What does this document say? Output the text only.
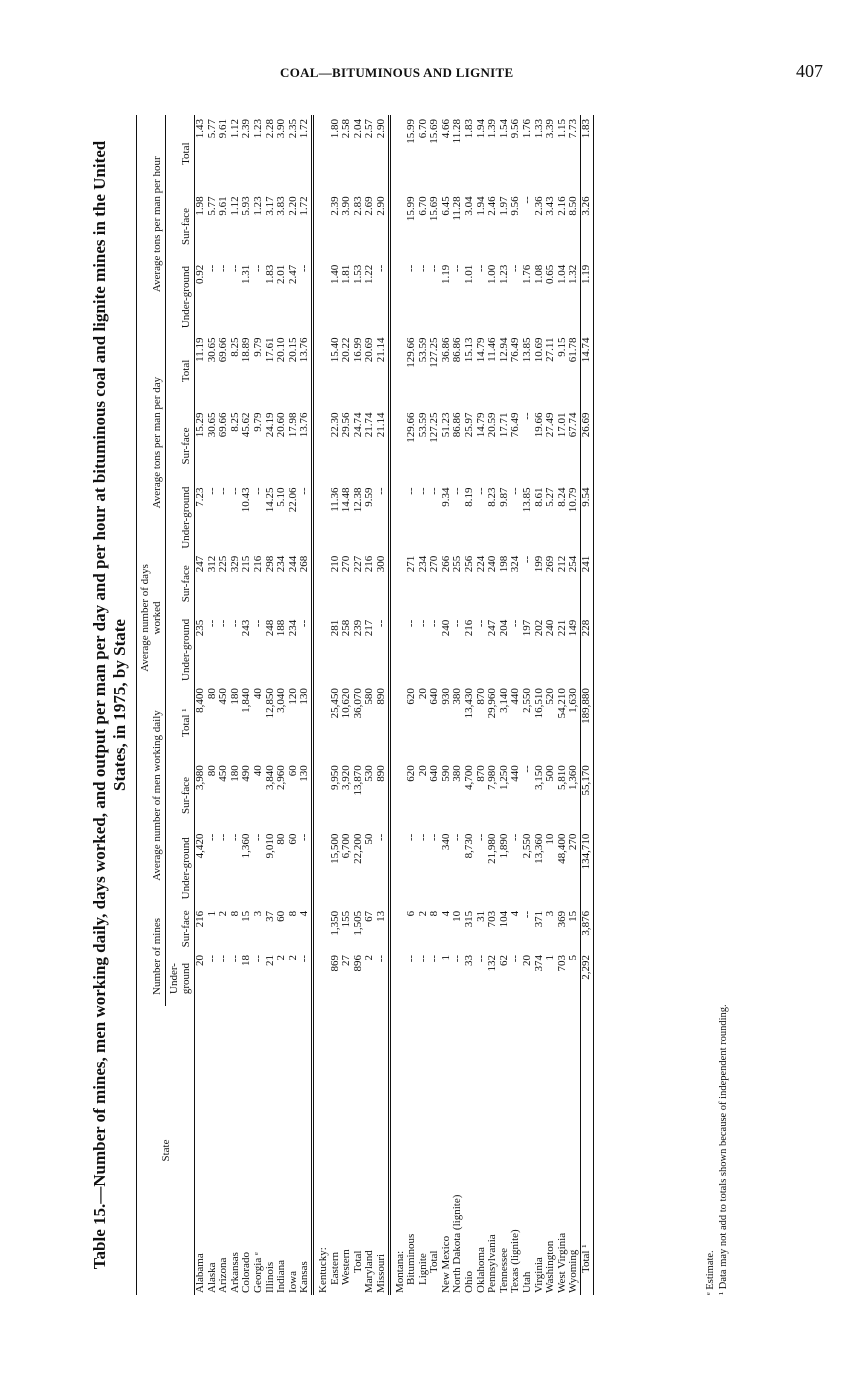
COAL—BITUMINOUS AND LIGNITE	407
Table 15.—Number of mines, men working daily, days worked, and output per man per day and per hour at bituminous coal and lignite mines in the United States, in 1975, by State
State	Number of mines		Average number of men working daily			Average number of days worked		Average tons per man per day			Average tons per man per hour		
	Under-ground	Sur-face	Under-ground	Sur-face	Total ¹	Under-ground	Sur-face	Under-ground	Sur-face	Total	Under-ground	Sur-face	Total
Alabama	20	216	4,420	3,980	8,400	235	247	7.23	15.29	11.19	0.92	1.98	1.43
Alaska	--	1	--	80	80	--	312	--	30.65	30.65	--	5.77	5.77
Arizona	--	2	--	450	450	--	225	--	69.66	69.66	--	9.61	9.61
Arkansas	--	8	--	180	180	--	329	--	8.25	8.25	--	1.12	1.12
Colorado	18	15	1,360	490	1,840	243	215	10.43	45.62	18.89	1.31	5.93	2.39
Georgia ᵉ	--	3	--	40	40	--	216	--	9.79	9.79	--	1.23	1.23
Illinois	21	37	9,010	3,840	12,850	248	298	14.25	24.19	17.61	1.83	3.17	2.28
Indiana	2	60	80	2,960	3,040	188	234	5.10	20.60	20.10	2.01	3.83	3.90
Iowa	2	8	60	60	120	234	244	22.06	17.98	20.15	2.47	2.20	2.35
Kansas	--	4	--	130	130	--	268	--	13.76	13.76	--	1.72	1.72
Kentucky:													
Eastern	869	1,350	15,500	9,950	25,450	281	210	11.36	22.30	15.40	1.40	2.39	1.80
Western	27	155	6,700	3,920	10,620	258	270	14.48	29.56	20.22	1.81	3.90	2.58
Total	896	1,505	22,200	13,870	36,070	239	227	12.38	24.74	16.99	1.53	2.83	2.04
Maryland	2	67	50	530	580	217	216	9.59	21.74	20.69	1.22	2.69	2.57
Missouri	--	13	--	890	890	--	300	--	21.14	21.14	--	2.90	2.90
Montana:													
Bituminous	--	6	--	620	620	--	271	--	129.66	129.66	--	15.99	15.99
Lignite	--	2	--	20	20	--	234	--	53.59	53.59	--	6.70	6.70
Total	--	8	--	640	640	--	270	--	127.25	127.25	--	15.69	15.69
New Mexico	1	4	340	590	930	240	266	9.34	51.23	36.86	1.19	6.45	4.66
North Dakota (lignite)	--	10	--	380	380	--	255	--	86.86	86.86	--	11.28	11.28
Ohio	33	315	8,730	4,700	13,430	216	256	8.19	25.97	15.13	1.01	3.04	1.83
Oklahoma	--	31	--	870	870	--	224	--	14.79	14.79	--	1.94	1.94
Pennsylvania	132	703	21,980	7,980	29,960	247	240	8.23	20.59	11.46	1.00	2.46	1.39
Tennessee	62	104	1,890	1,250	3,140	204	198	9.87	17.71	12.94	1.23	1.97	1.54
Texas (lignite)	--	4	--	440	440	--	324	--	76.49	76.49	--	9.56	9.56
Utah	20	--	2,550	--	2,550	197	--	13.85	--	13.85	1.76	--	1.76
Virginia	374	371	13,360	3,150	16,510	202	199	8.61	19.66	10.69	1.08	2.36	1.33
Washington	1	3	10	500	520	240	269	5.27	27.49	27.11	0.65	3.43	3.39
West Virginia	703	369	48,400	5,810	54,210	221	212	8.24	17.01	9.15	1.04	2.16	1.15
Wyoming	5	15	270	1,360	1,630	149	254	10.79	67.74	61.78	1.32	8.50	7.73
Total ¹	2,292	3,876	134,710	55,170	189,880	228	241	9.54	26.69	14.74	1.19	3.26	1.83
ᵉ Estimate. ¹ Data may not add to totals shown because of independent rounding.
